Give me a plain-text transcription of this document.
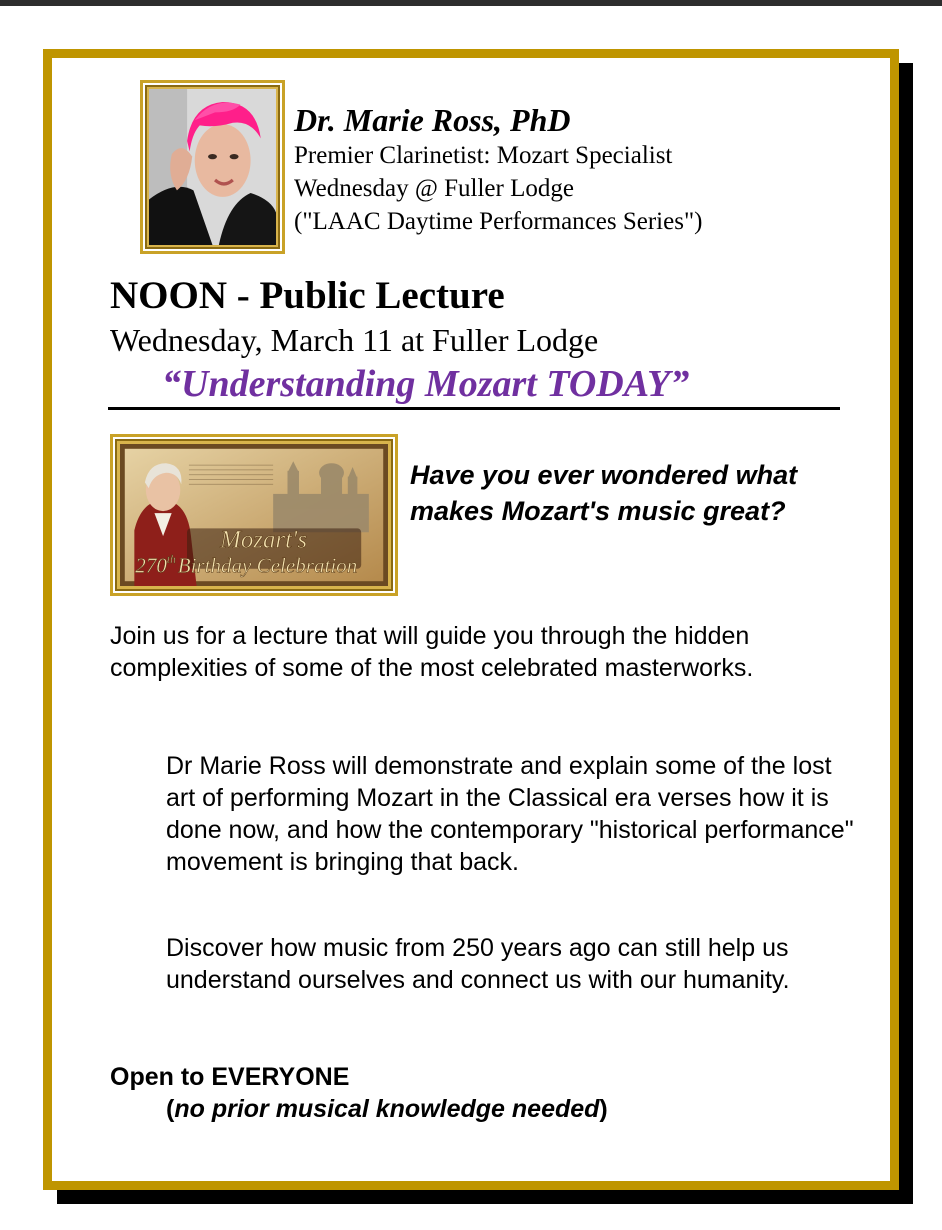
Dr. Marie Ross, PhD
Premier Clarinetist: Mozart Specialist
Wednesday @ Fuller Lodge
("LAAC Daytime Performances Series")
NOON - Public Lecture
Wednesday, March 11 at Fuller Lodge
“Understanding Mozart TODAY”
Mozart's
270thBirthday Celebration
Have you ever wondered what makes Mozart's music great?
Join us for a lecture that will guide you through the hidden complexities of some of the most celebrated masterworks.
Dr Marie Ross will demonstrate and explain some of the lost art of performing Mozart in the Classical era verses how it is done now, and how the contemporary "historical performance" movement is bringing that back.
Discover how music from 250 years ago can still help us understand ourselves and connect us with our humanity.
Open to EVERYONE
(no prior musical knowledge needed)
